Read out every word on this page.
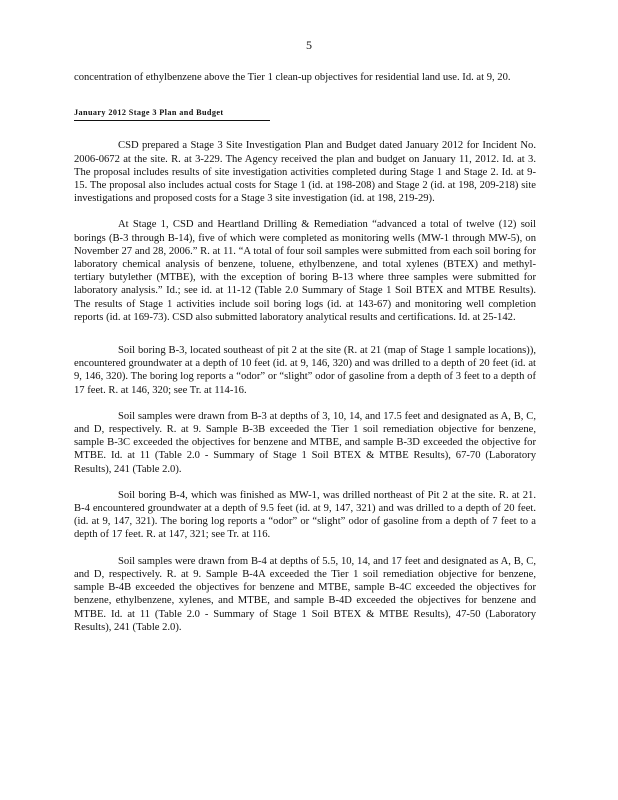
5

concentration of ethylbenzene above the Tier 1 clean-up objectives for residential land use. Id. at 9, 20.

January 2012 Stage 3 Plan and Budget

CSD prepared a Stage 3 Site Investigation Plan and Budget dated January 2012 for Incident No. 2006-0672 at the site. R. at 3-229. The Agency received the plan and budget on January 11, 2012. Id. at 3. The proposal includes results of site investigation activities completed during Stage 1 and Stage 2. Id. at 9-15. The proposal also includes actual costs for Stage 1 (id. at 198-208) and Stage 2 (id. at 198, 209-218) site investigations and proposed costs for a Stage 3 site investigation (id. at 198, 219-29).

At Stage 1, CSD and Heartland Drilling & Remediation “advanced a total of twelve (12) soil borings (B-3 through B-14), five of which were completed as monitoring wells (MW-1 through MW-5), on November 27 and 28, 2006.” R. at 11. “A total of four soil samples were submitted from each soil boring for laboratory chemical analysis of benzene, toluene, ethylbenzene, and total xylenes (BTEX) and methyl-tertiary butylether (MTBE), with the exception of boring B-13 where three samples were submitted for laboratory analysis.” Id.; see id. at 11-12 (Table 2.0 Summary of Stage 1 Soil BTEX and MTBE Results). The results of Stage 1 activities include soil boring logs (id. at 143-67) and monitoring well completion reports (id. at 169-73). CSD also submitted laboratory analytical results and certifications. Id. at 25-142.

Soil boring B-3, located southeast of pit 2 at the site (R. at 21 (map of Stage 1 sample locations)), encountered groundwater at a depth of 10 feet (id. at 9, 146, 320) and was drilled to a depth of 20 feet (id. at 9, 146, 320). The boring log reports a “odor” or “slight” odor of gasoline from a depth of 3 feet to a depth of 17 feet. R. at 146, 320; see Tr. at 114-16.

Soil samples were drawn from B-3 at depths of 3, 10, 14, and 17.5 feet and designated as A, B, C, and D, respectively. R. at 9. Sample B-3B exceeded the Tier 1 soil remediation objective for benzene, sample B-3C exceeded the objectives for benzene and MTBE, and sample B-3D exceeded the objective for MTBE. Id. at 11 (Table 2.0 - Summary of Stage 1 Soil BTEX & MTBE Results), 67-70 (Laboratory Results), 241 (Table 2.0).

Soil boring B-4, which was finished as MW-1, was drilled northeast of Pit 2 at the site. R. at 21. B-4 encountered groundwater at a depth of 9.5 feet (id. at 9, 147, 321) and was drilled to a depth of 20 feet. (id. at 9, 147, 321). The boring log reports a “odor” or “slight” odor of gasoline from a depth of 7 feet to a depth of 17 feet. R. at 147, 321; see Tr. at 116.

Soil samples were drawn from B-4 at depths of 5.5, 10, 14, and 17 feet and designated as A, B, C, and D, respectively. R. at 9. Sample B-4A exceeded the Tier 1 soil remediation objective for benzene, sample B-4B exceeded the objectives for benzene and MTBE, sample B-4C exceeded the objectives for benzene, ethylbenzene, xylenes, and MTBE, and sample B-4D exceeded the objectives for benzene and MTBE. Id. at 11 (Table 2.0 - Summary of Stage 1 Soil BTEX & MTBE Results), 47-50 (Laboratory Results), 241 (Table 2.0).
